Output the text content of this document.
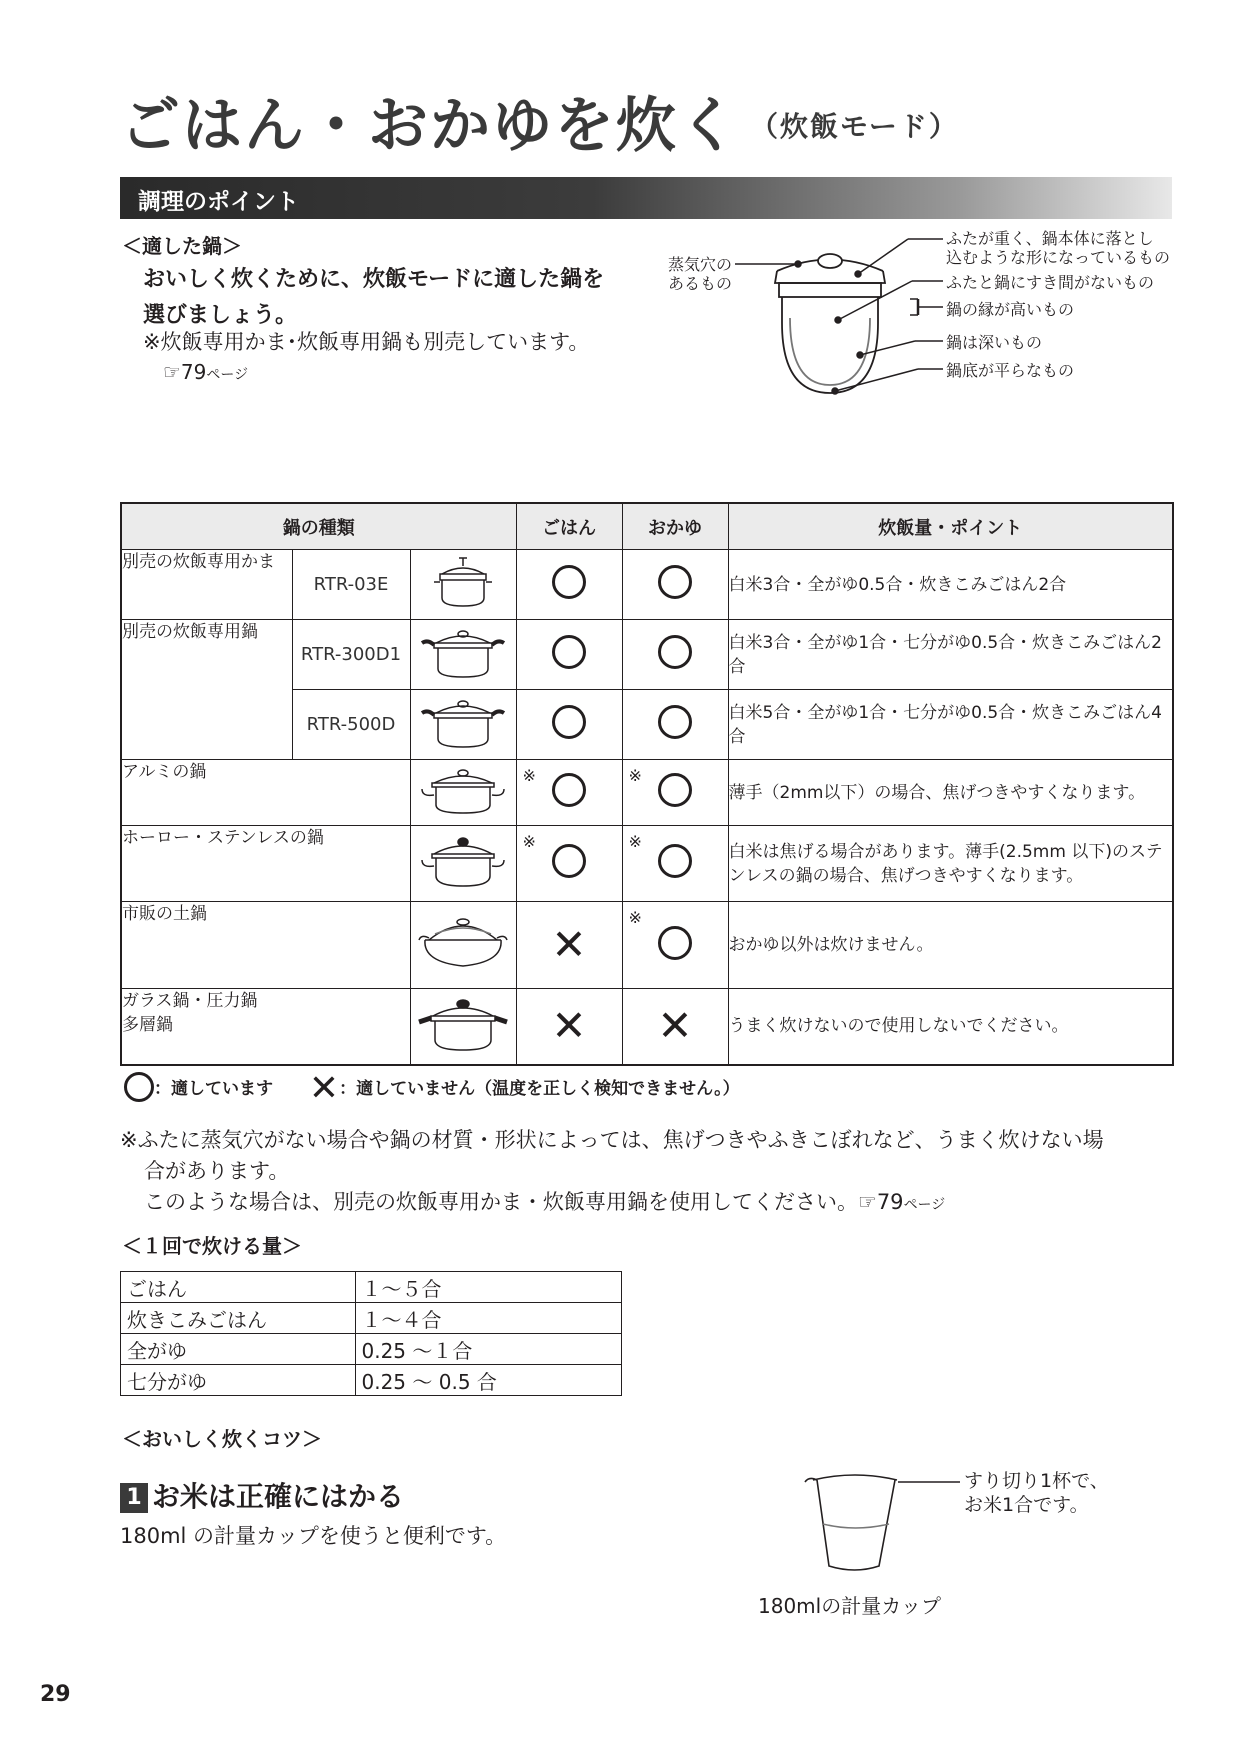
ごはん・おかゆを炊く （炊飯モード）
調理のポイント
＜適した鍋＞
おいしく炊くために、炊飯モードに適した鍋を
選びましょう。
※炊飯専用かま･炊飯専用鍋も別売しています。
☞79ページ
蒸気穴の
あるもの
ふたが重く、鍋本体に落とし
込むような形になっているもの
ふたと鍋にすき間がないもの
鍋の縁が高いもの
鍋は深いもの
鍋底が平らなもの
鍋の種類			ごはん	おかゆ	炊飯量・ポイント
別売の炊飯専用かま	RTR-03E				白米3合・全がゆ0.5合・炊きこみごはん2合
別売の炊飯専用鍋	RTR-300D1				白米3合・全がゆ1合・七分がゆ0.5合・炊きこみごはん2合
	RTR-500D				白米5合・全がゆ1合・七分がゆ0.5合・炊きこみごはん4合
アルミの鍋			※	※	薄手（2mm以下）の場合、焦げつきやすくなります。
ホーロー・ステンレスの鍋			※	※	白米は焦げる場合があります。薄手(2.5mm 以下)のステンレスの鍋の場合、焦げつきやすくなります。
市販の土鍋			✕	※	おかゆ以外は炊けません。

ガラス鍋・圧力鍋
多層鍋			✕	✕	うまく炊けないので使用しないでください。
：適しています ✕：適していません（温度を正しく検知できません。）
※ふたに蒸気穴がない場合や鍋の材質・形状によっては、焦げつきやふきこぼれなど、うまく炊けない場
合があります。
このような場合は、別売の炊飯専用かま・炊飯専用鍋を使用してください。☞79ページ
＜１回で炊ける量＞
ごはん	１～５合
炊きこみごはん	１～４合
全がゆ	0.25 ～１合
七分がゆ	0.25 ～ 0.5 合
＜おいしく炊くコツ＞
1 お米は正確にはかる
180ml の計量カップを使うと便利です。
すり切り1杯で、
お米1合です。
180mlの計量カップ
29
